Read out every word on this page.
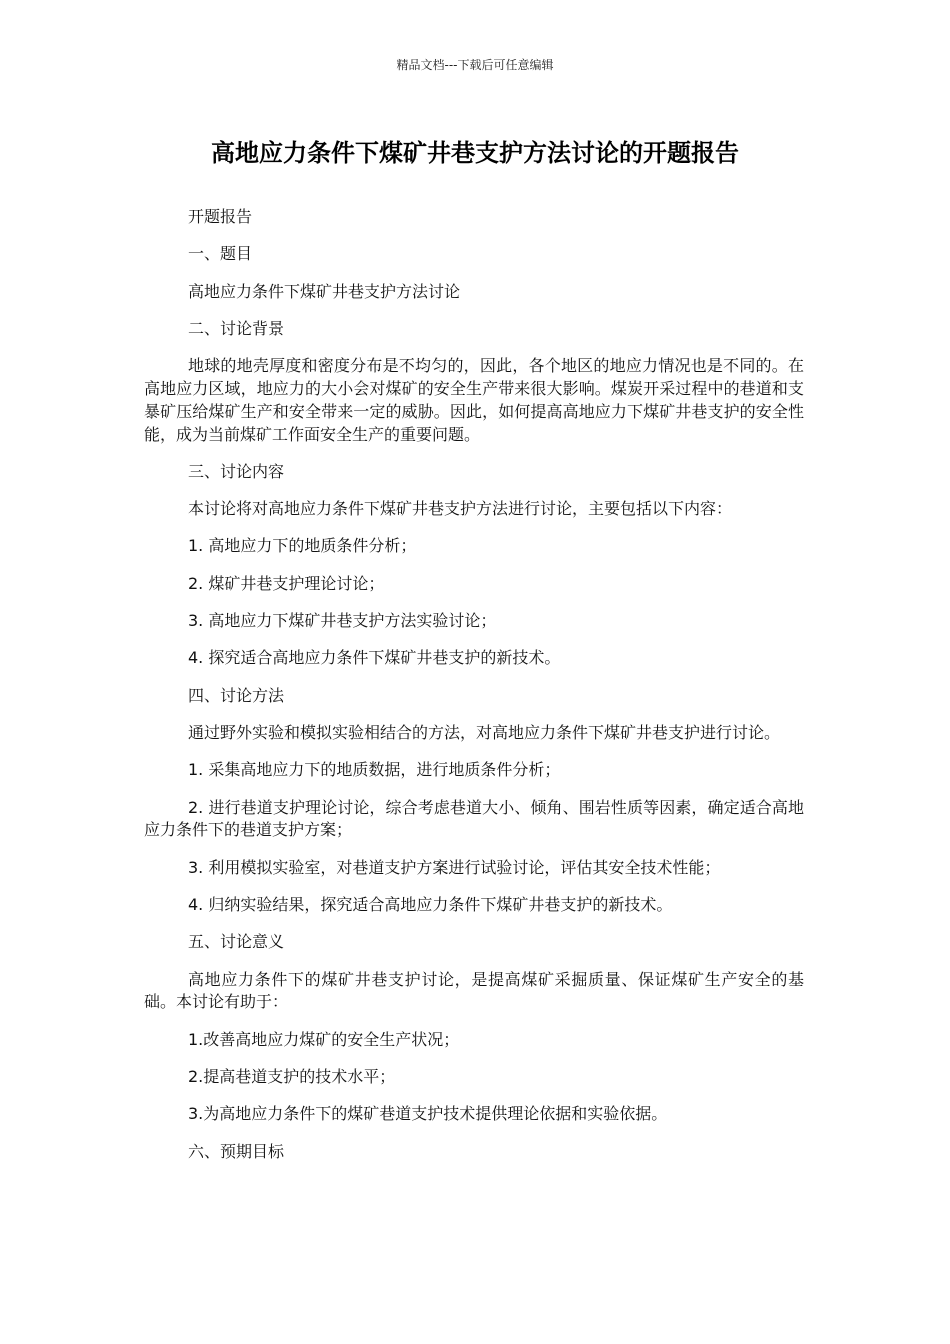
精品文档---下载后可任意编辑
高地应力条件下煤矿井巷支护方法讨论的开题报告

开题报告

一、题目

高地应力条件下煤矿井巷支护方法讨论

二、讨论背景

地球的地壳厚度和密度分布是不均匀的，因此，各个地区的地应力情况也是不同的。在高地应力区域，地应力的大小会对煤矿的安全生产带来很大影响。煤炭开采过程中的巷道和支暴矿压给煤矿生产和安全带来一定的威胁。因此，如何提高高地应力下煤矿井巷支护的安全性能，成为当前煤矿工作面安全生产的重要问题。

三、讨论内容

本讨论将对高地应力条件下煤矿井巷支护方法进行讨论，主要包括以下内容：

1. 高地应力下的地质条件分析；

2. 煤矿井巷支护理论讨论；

3. 高地应力下煤矿井巷支护方法实验讨论；

4. 探究适合高地应力条件下煤矿井巷支护的新技术。

四、讨论方法

通过野外实验和模拟实验相结合的方法，对高地应力条件下煤矿井巷支护进行讨论。

1. 采集高地应力下的地质数据，进行地质条件分析；

2. 进行巷道支护理论讨论，综合考虑巷道大小、倾角、围岩性质等因素，确定适合高地应力条件下的巷道支护方案；

3. 利用模拟实验室，对巷道支护方案进行试验讨论，评估其安全技术性能；

4. 归纳实验结果，探究适合高地应力条件下煤矿井巷支护的新技术。

五、讨论意义

高地应力条件下的煤矿井巷支护讨论，是提高煤矿采掘质量、保证煤矿生产安全的基础。本讨论有助于：

1.改善高地应力煤矿的安全生产状况；

2.提高巷道支护的技术水平；

3.为高地应力条件下的煤矿巷道支护技术提供理论依据和实验依据。

六、预期目标
